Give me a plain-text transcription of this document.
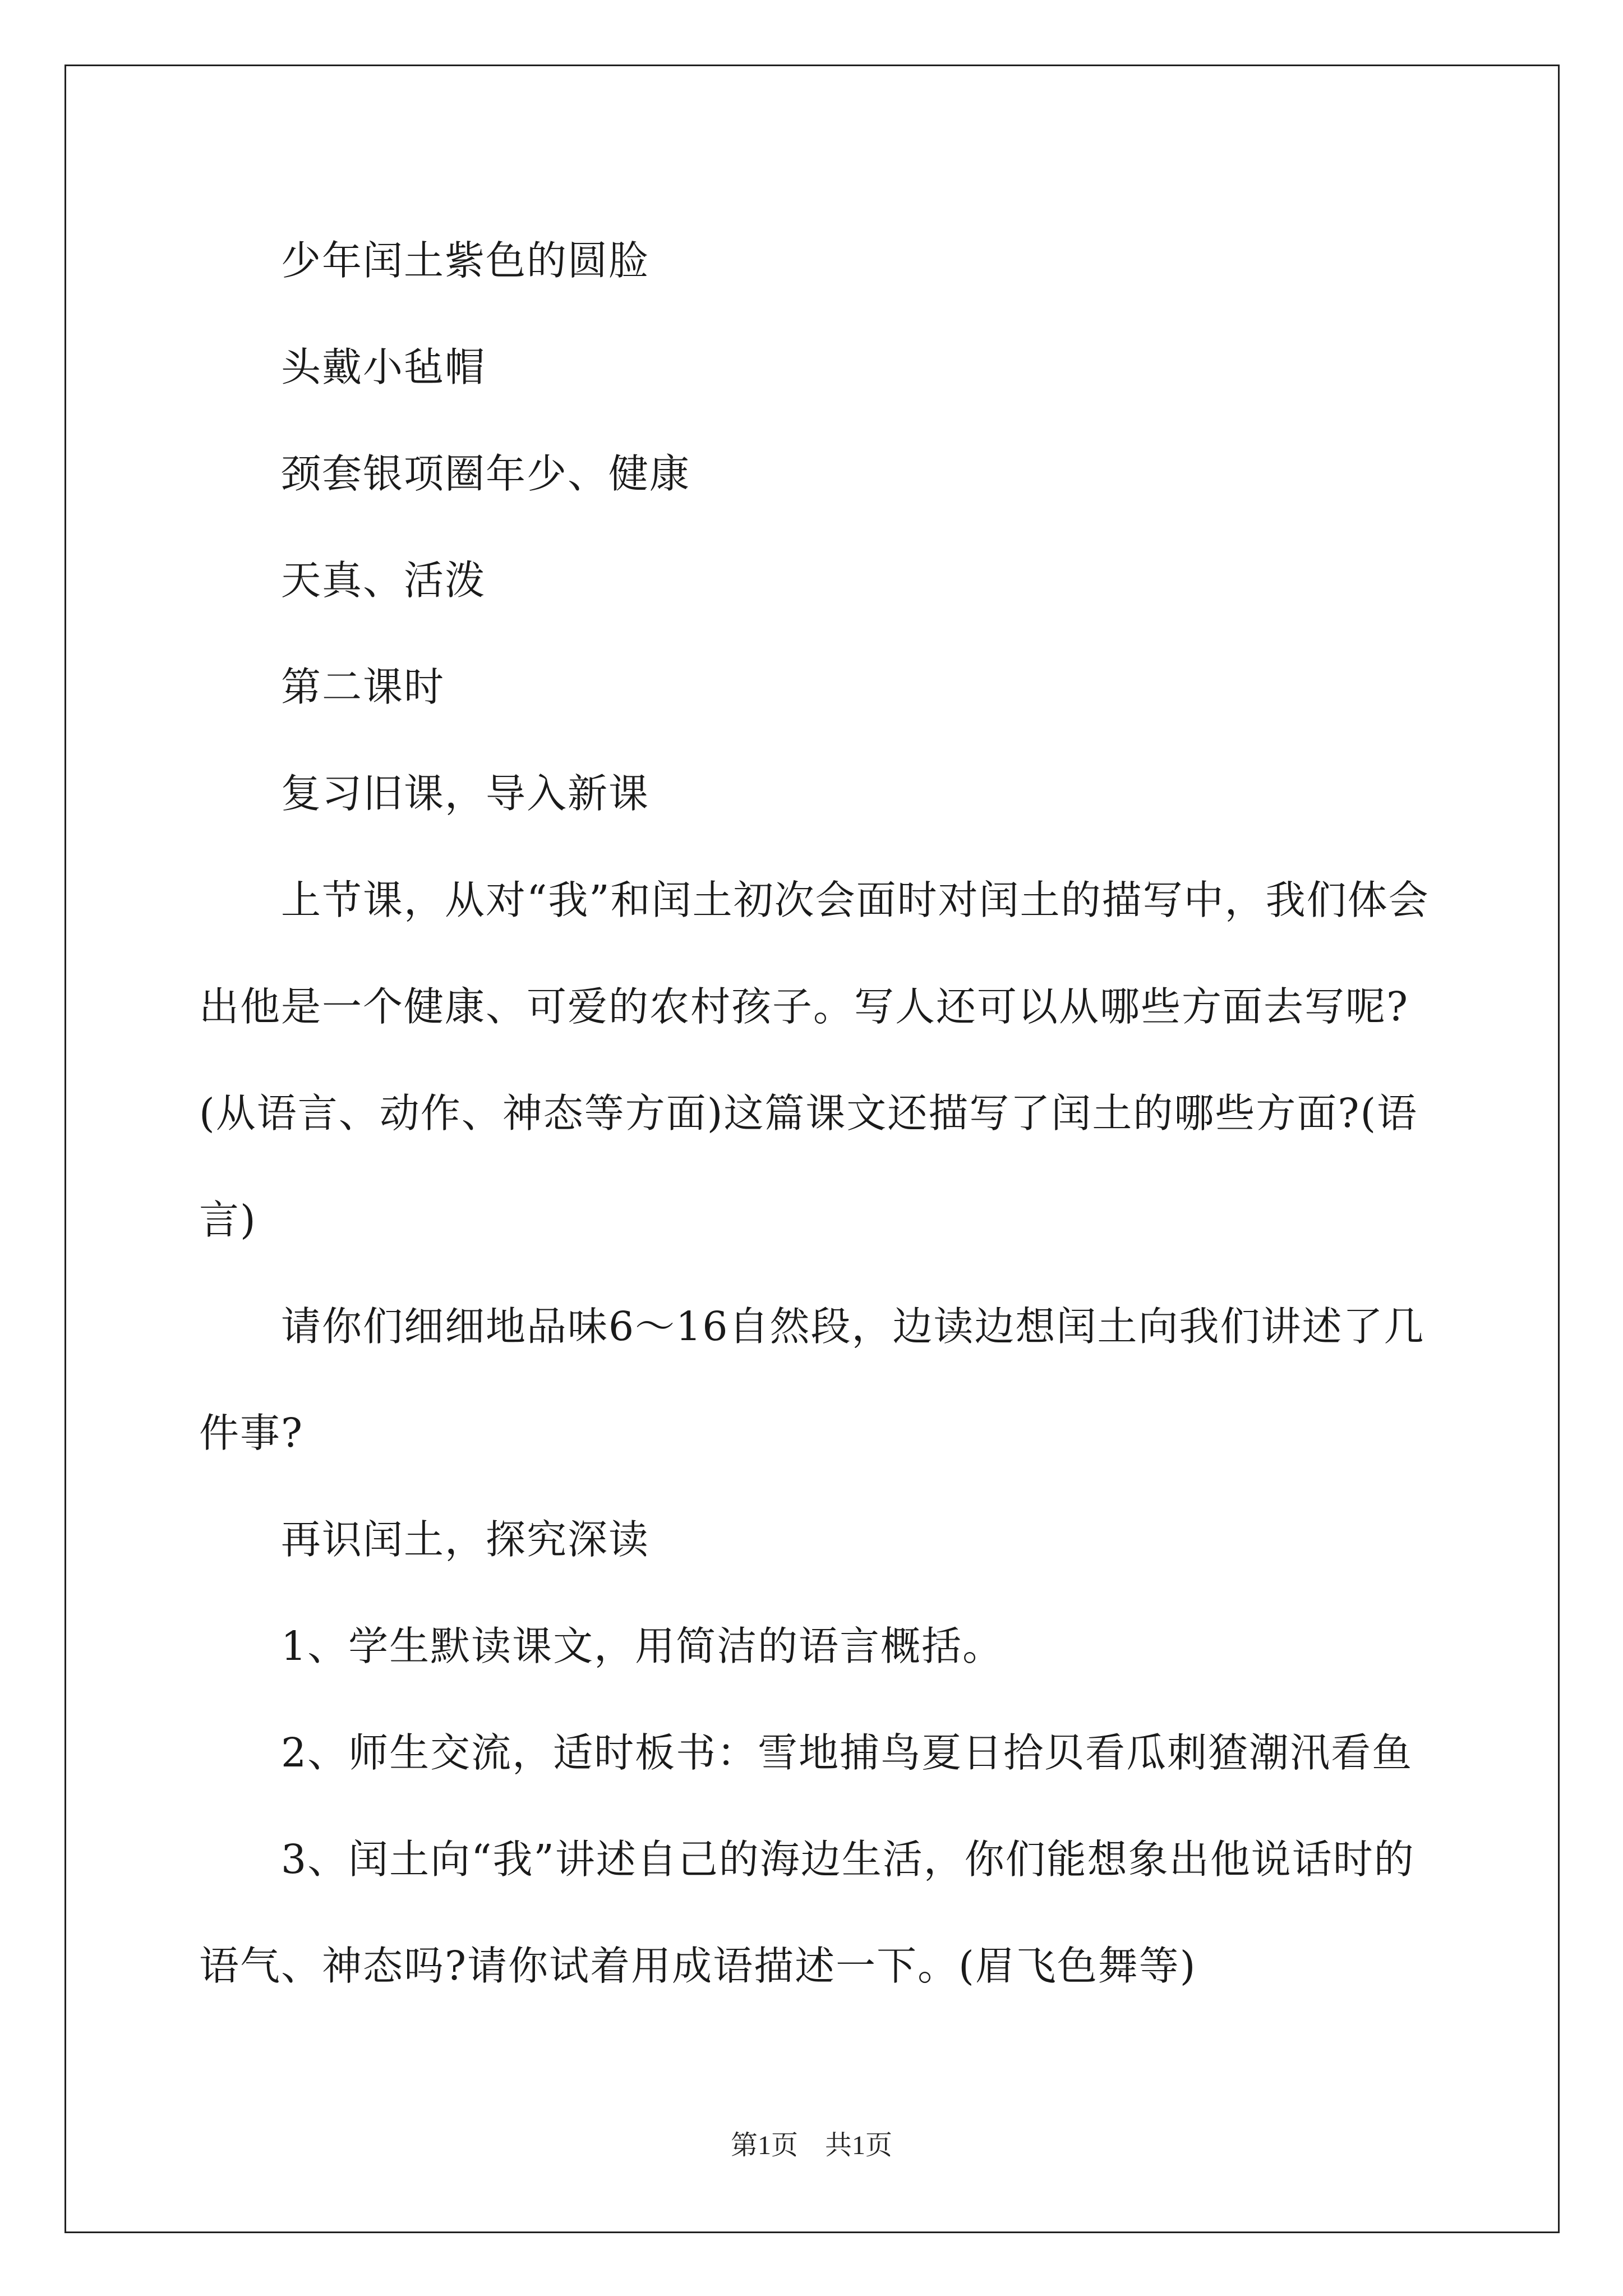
少年闰土紫色的圆脸

头戴小毡帽

颈套银项圈年少、健康

天真、活泼

第二课时

复习旧课，导入新课

上节课，从对“我”和闰土初次会面时对闰土的描写中，我们体会出他是一个健康、可爱的农村孩子。写人还可以从哪些方面去写呢?(从语言、动作、神态等方面)这篇课文还描写了闰土的哪些方面?(语言)

请你们细细地品味6～16自然段，边读边想闰土向我们讲述了几件事?

再识闰土，探究深读

1、学生默读课文，用简洁的语言概括。

2、师生交流，适时板书：雪地捕鸟夏日拾贝看瓜刺猹潮汛看鱼

3、闰土向“我”讲述自己的海边生活，你们能想象出他说话时的语气、神态吗?请你试着用成语描述一下。(眉飞色舞等)

第1页　共1页
